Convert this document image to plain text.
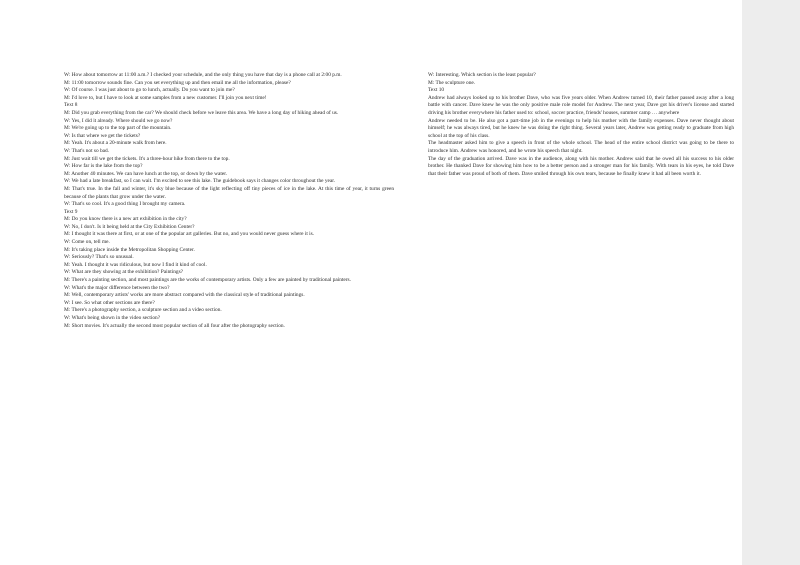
W: How about tomorrow at 11:00 a.m.? I checked your schedule, and the only thing you have that day is a phone call at 2:00 p.m.

M: 11:00 tomorrow sounds fine. Can you set everything up and then email me all the information, please?

W: Of course. I was just about to go to lunch, actually. Do you want to join me?

M: I'd love to, but I have to look at some samples from a new customer. I'll join you next time!

Text 8

M: Did you grab everything from the car? We should check before we leave this area. We have a long day of hiking ahead of us.

W: Yes, I did it already. Where should we go now?

M: We're going up to the top part of the mountain.

W: Is that where we get the tickets?

M: Yeah. It's about a 20-minute walk from here.

W: That's not so bad.

M: Just wait till we get the tickets. It's a three-hour hike from there to the top.

W: How far is the lake from the top?

M: Another 40 minutes. We can have lunch at the top, or down by the water.

W: We had a late breakfast, so I can wait. I'm excited to see this lake. The guidebook says it changes color throughout the year.

M: That's true. In the fall and winter, it's sky blue because of the light reflecting off tiny pieces of ice in the lake. At this time of year, it turns green because of the plants that grow under the water.

W: That's so cool. It's a good thing I brought my camera.

Text 9

M: Do you know there is a new art exhibition in the city?

W: No, I don't. Is it being held at the City Exhibition Center?

M: I thought it was there at first, or at one of the popular art galleries. But no, and you would never guess where it is.

W: Come on, tell me.

M: It's taking place inside the Metropolitan Shopping Center.

W: Seriously? That's so unusual.

M: Yeah. I thought it was ridiculous, but now I find it kind of cool.

W: What are they showing at the exhibition? Paintings?

M: There's a painting section, and most paintings are the works of contemporary artists. Only a few are painted by traditional painters.

W: What's the major difference between the two?

M: Well, contemporary artists' works are more abstract compared with the classical style of traditional paintings.

W: I see. So what other sections are there?

M: There's a photography section, a sculpture section and a video section.

W: What's being shown in the video section?

M: Short movies. It's actually the second most popular section of all four after the photography section.

W: Interesting. Which section is the least popular?

M: The sculpture one.

Text 10

Andrew had always looked up to his brother Dave, who was five years older. When Andrew turned 10, their father passed away after a long battle with cancer. Dave knew he was the only positive male role model for Andrew. The next year, Dave got his driver's license and started driving his brother everywhere his father used to: school, soccer practice, friends' houses, summer camp … anywhere

Andrew needed to be. He also got a part-time job in the evenings to help his mother with the family expenses. Dave never thought about himself; he was always tired, but he knew he was doing the right thing. Several years later, Andrew was getting ready to graduate from high school at the top of his class.

The headmaster asked him to give a speech in front of the whole school. The head of the entire school district was going to be there to introduce him. Andrew was honored, and he wrote his speech that night.

The day of the graduation arrived. Dave was in the audience, along with his mother. Andrew said that he owed all his success to his older brother. He thanked Dave for showing him how to be a better person and a stronger man for his family. With tears in his eyes, he told Dave that their father was proud of both of them. Dave smiled through his own tears, because he finally knew it had all been worth it.
